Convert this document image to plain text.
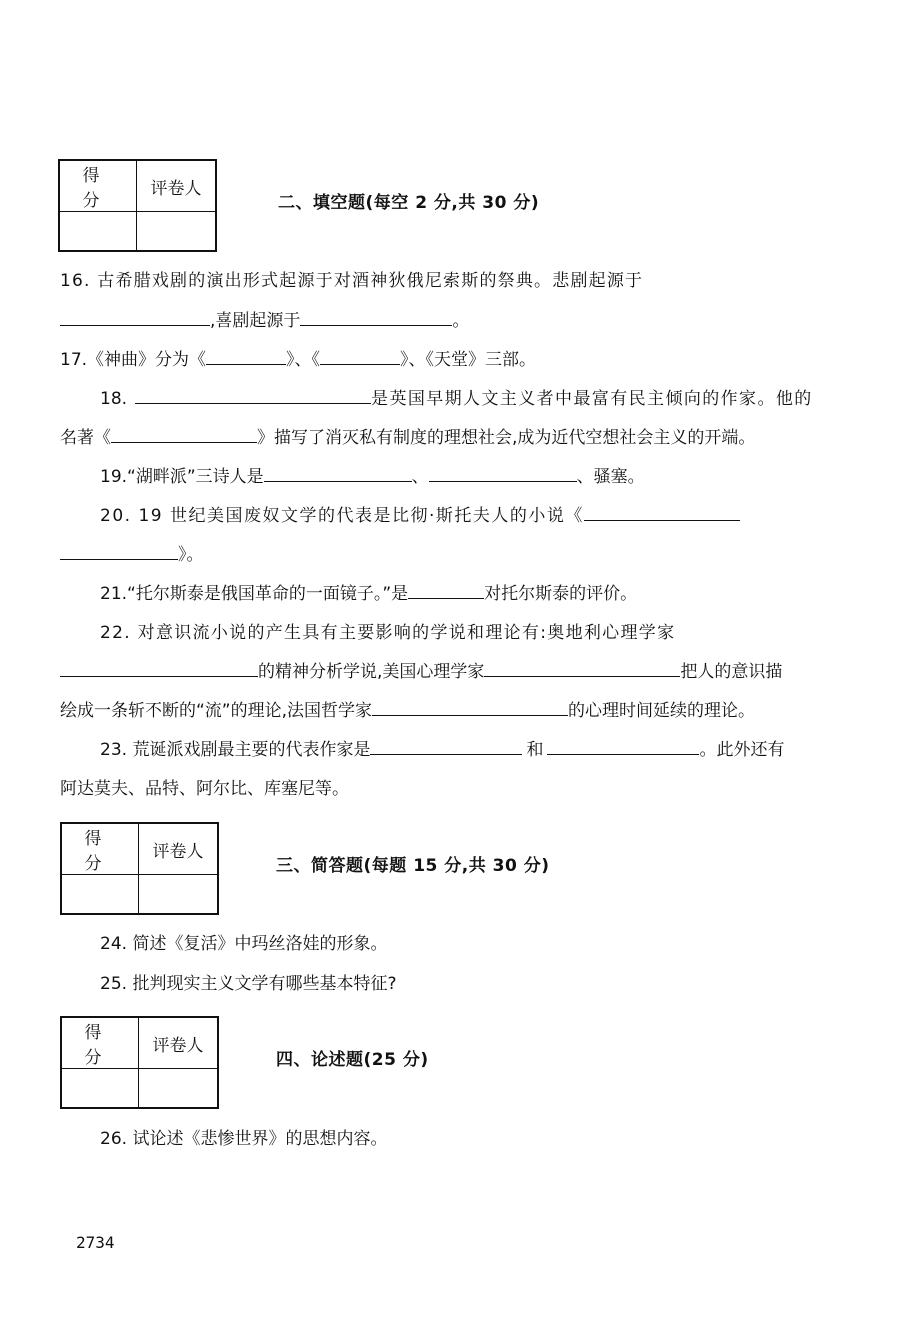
得 分	评卷人

二、填空题(每空 2 分,共 30 分)
16. 古希腊戏剧的演出形式起源于对酒神狄俄尼索斯的祭典。悲剧起源于
,喜剧起源于	。
17.《神曲》分为《	》、《	》、《天堂》三部。
18.	是英国早期人文主义者中最富有民主倾向的作家。他的
名著《	》描写了消灭私有制度的理想社会,成为近代空想社会主义的开端。
19.“湖畔派”三诗人是	、	、骚塞。
20. 19 世纪美国废奴文学的代表是比彻·斯托夫人的小说《
》。
21.“托尔斯泰是俄国革命的一面镜子。”是	对托尔斯泰的评价。
22. 对意识流小说的产生具有主要影响的学说和理论有:奥地利心理学家
的精神分析学说,美国心理学家	把人的意识描
绘成一条斩不断的“流”的理论,法国哲学家	的心理时间延续的理论。
23. 荒诞派戏剧最主要的代表作家是	和	。此外还有
阿达莫夫、品特、阿尔比、库塞尼等。
得 分	评卷人

三、简答题(每题 15 分,共 30 分)
24. 简述《复活》中玛丝洛娃的形象。
25. 批判现实主义文学有哪些基本特征?
得 分	评卷人

四、论述题(25 分)
26. 试论述《悲惨世界》的思想内容。
2734
